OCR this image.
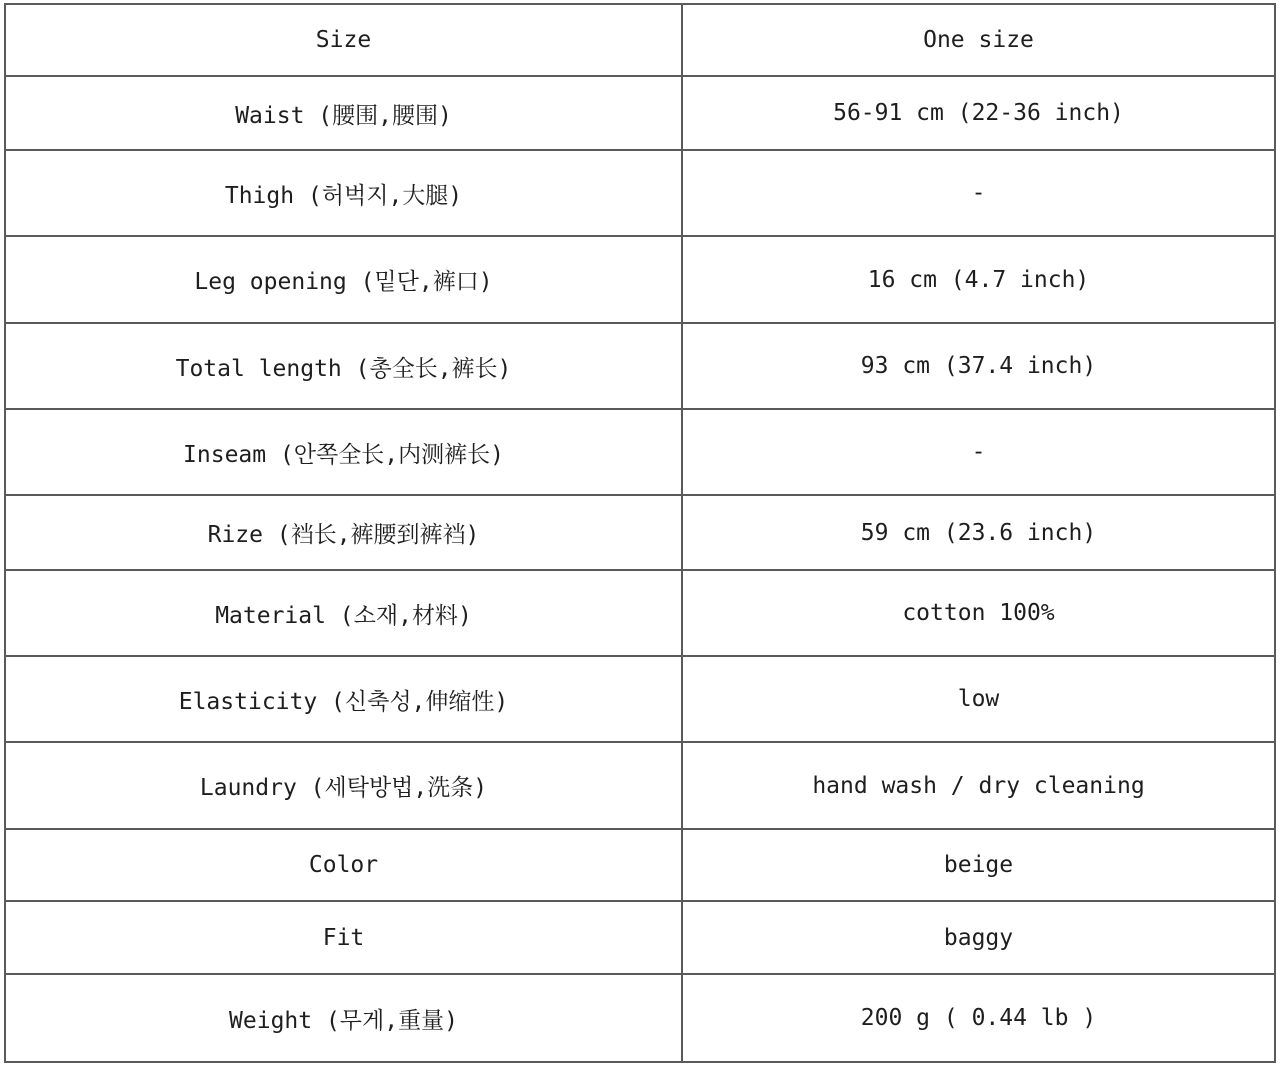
Size	One size
Waist (腰围,腰围)	56-91 cm (22-36 inch)
Thigh (허벅지,大腿)	-
Leg opening (밑단,裤口)	16 cm (4.7 inch)
Total length (총全长,裤长)	93 cm (37.4 inch)
Inseam (안쪽全长,内测裤长)	-
Rize (裆长,裤腰到裤裆)	59 cm (23.6 inch)
Material (소재,材料)	cotton 100%
Elasticity (신축성,伸缩性)	low
Laundry (세탁방법,洗条)	hand wash / dry cleaning
Color	beige
Fit	baggy
Weight (무게,重量)	200 g ( 0.44 lb )
